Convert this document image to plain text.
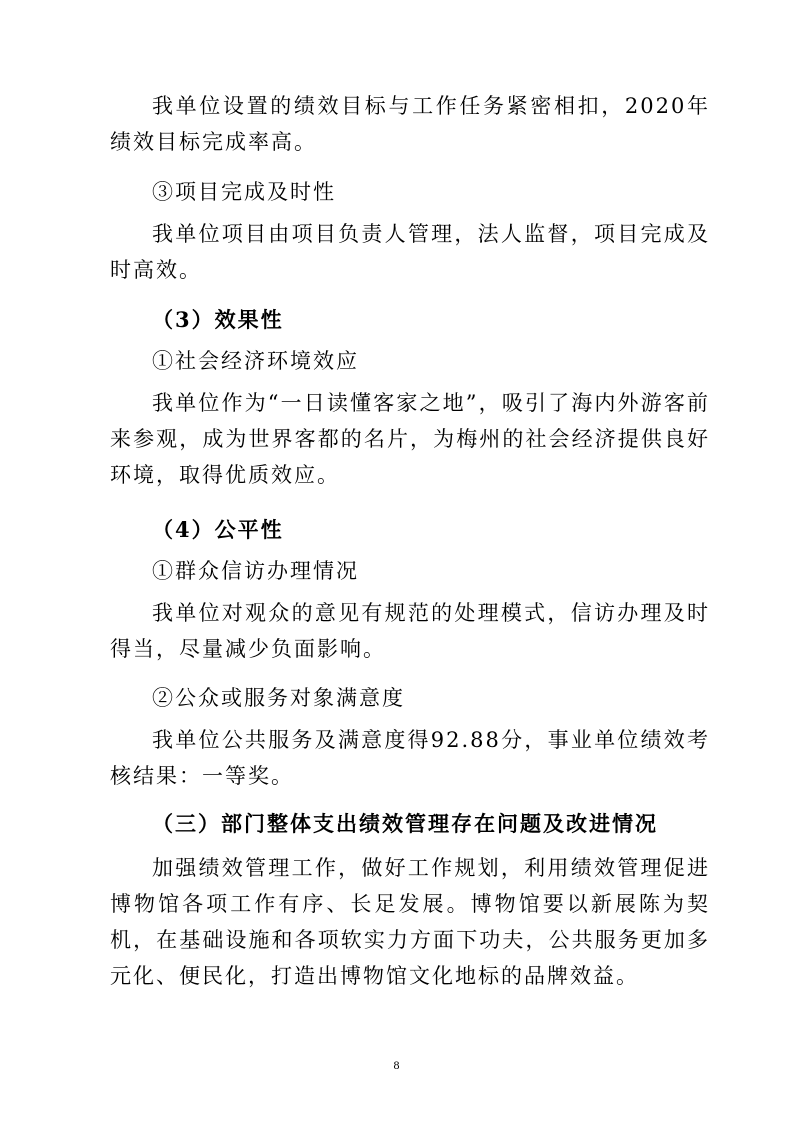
我单位设置的绩效目标与工作任务紧密相扣，2020年绩效目标完成率高。

③项目完成及时性

我单位项目由项目负责人管理，法人监督，项目完成及时高效。

（3）效果性

①社会经济环境效应

我单位作为“一日读懂客家之地”，吸引了海内外游客前来参观，成为世界客都的名片，为梅州的社会经济提供良好环境，取得优质效应。

（4）公平性

①群众信访办理情况

我单位对观众的意见有规范的处理模式，信访办理及时得当，尽量减少负面影响。

②公众或服务对象满意度

我单位公共服务及满意度得92.88分，事业单位绩效考核结果：一等奖。

（三）部门整体支出绩效管理存在问题及改进情况

加强绩效管理工作，做好工作规划，利用绩效管理促进博物馆各项工作有序、长足发展。博物馆要以新展陈为契机，在基础设施和各项软实力方面下功夫，公共服务更加多元化、便民化，打造出博物馆文化地标的品牌效益。

8
